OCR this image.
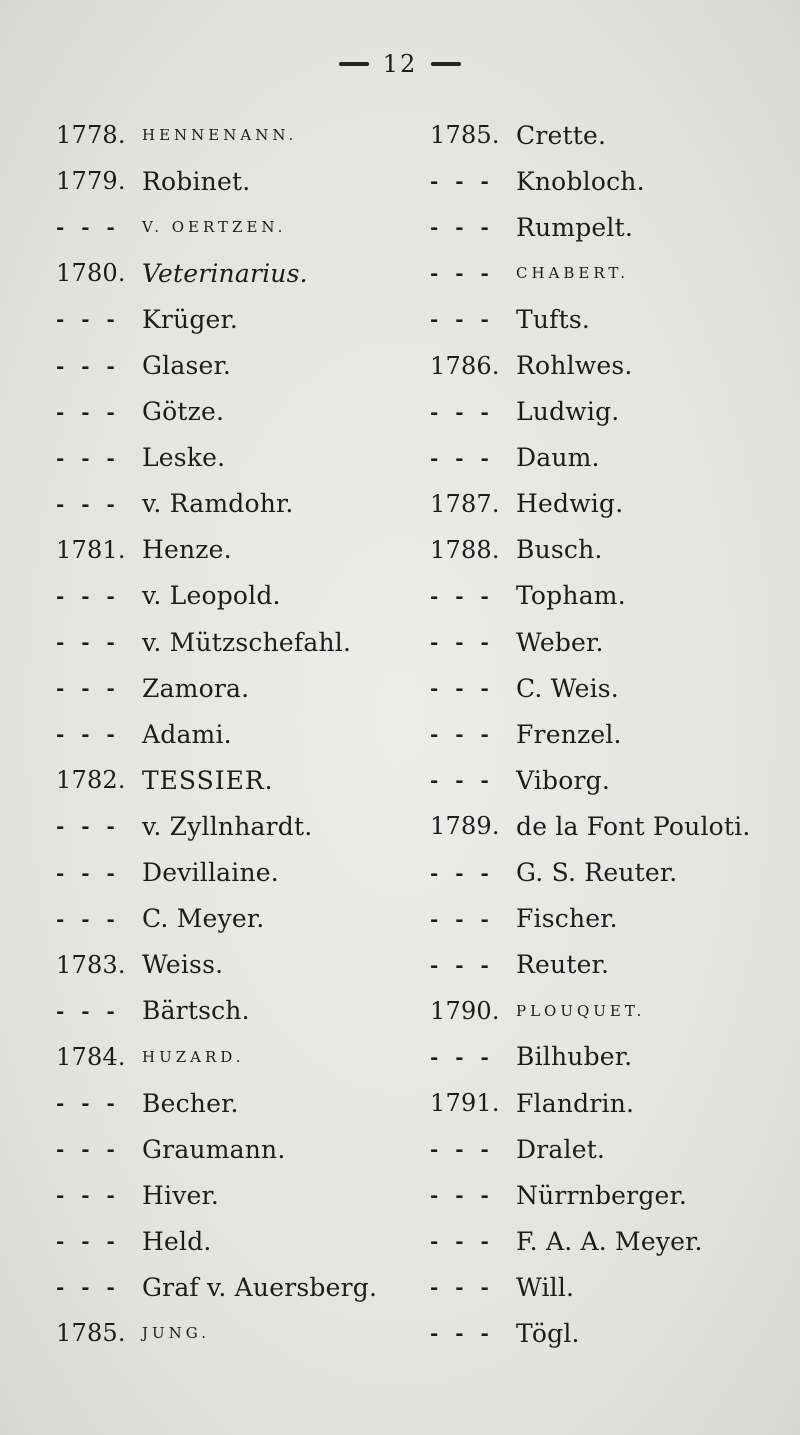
12
1778.	HENNENANN.
1779. Robinet.
- - -	V. OERTZEN.
1780. Veterinarius.
- - - Krüger.
- - - Glaser.
- - - Götze.
- - - Leske.
- - - v. Ramdohr.
1781. Henze.
- - - v. Leopold.
- - - v. Mützschefahl.
- - - Zamora.
- - - Adami.
1782. TESSIER.
- - - v. Zyllnhardt.
- - - Devillaine.
- - - C. Meyer.
1783. Weiss.
- - - Bärtsch.
1784.	HUZARD.
- - - Becher.
- - - Graumann.
- - - Hiver.
- - - Held.
- - - Graf v. Auersberg.
1785.	JUNG.
1785. Crette.
- - - Knobloch.
- - - Rumpelt.
- - -	CHABERT.
- - - Tufts.
1786. Rohlwes.
- - - Ludwig.
- - - Daum.
1787. Hedwig.
1788. Busch.
- - - Topham.
- - - Weber.
- - - C. Weis.
- - - Frenzel.
- - - Viborg.
1789. de la Font Pouloti.
- - - G. S. Reuter.
- - - Fischer.
- - - Reuter.
1790.	PLOUQUET.
- - - Bilhuber.
1791. Flandrin.
- - - Dralet.
- - - Nürrnberger.
- - - F. A. A. Meyer.
- - - Will.
- - - Tögl.
